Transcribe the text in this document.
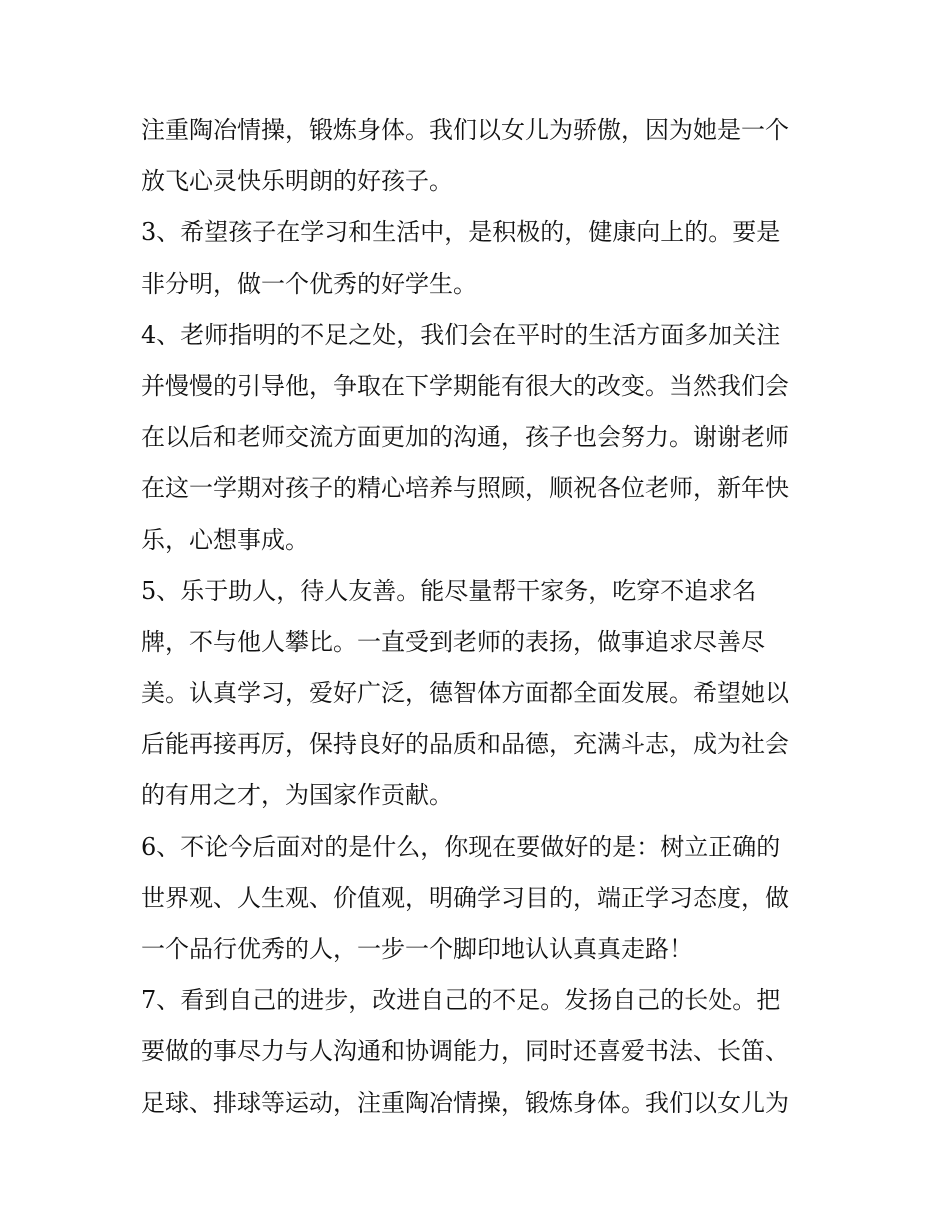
注重陶冶情操，锻炼身体。我们以女儿为骄傲，因为她是一个
放飞心灵快乐明朗的好孩子。
3、希望孩子在学习和生活中，是积极的，健康向上的。要是
非分明，做一个优秀的好学生。
4、老师指明的不足之处，我们会在平时的生活方面多加关注
并慢慢的引导他，争取在下学期能有很大的改变。当然我们会
在以后和老师交流方面更加的沟通，孩子也会努力。谢谢老师
在这一学期对孩子的精心培养与照顾，顺祝各位老师，新年快
乐，心想事成。
5、乐于助人，待人友善。能尽量帮干家务，吃穿不追求名
牌，不与他人攀比。一直受到老师的表扬，做事追求尽善尽
美。认真学习，爱好广泛，德智体方面都全面发展。希望她以
后能再接再厉，保持良好的品质和品德，充满斗志，成为社会
的有用之才，为国家作贡献。
6、不论今后面对的是什么，你现在要做好的是：树立正确的
世界观、人生观、价值观，明确学习目的，端正学习态度，做
一个品行优秀的人，一步一个脚印地认认真真走路！
7、看到自己的进步，改进自己的不足。发扬自己的长处。把
要做的事尽力与人沟通和协调能力，同时还喜爱书法、长笛、
足球、排球等运动，注重陶冶情操，锻炼身体。我们以女儿为
